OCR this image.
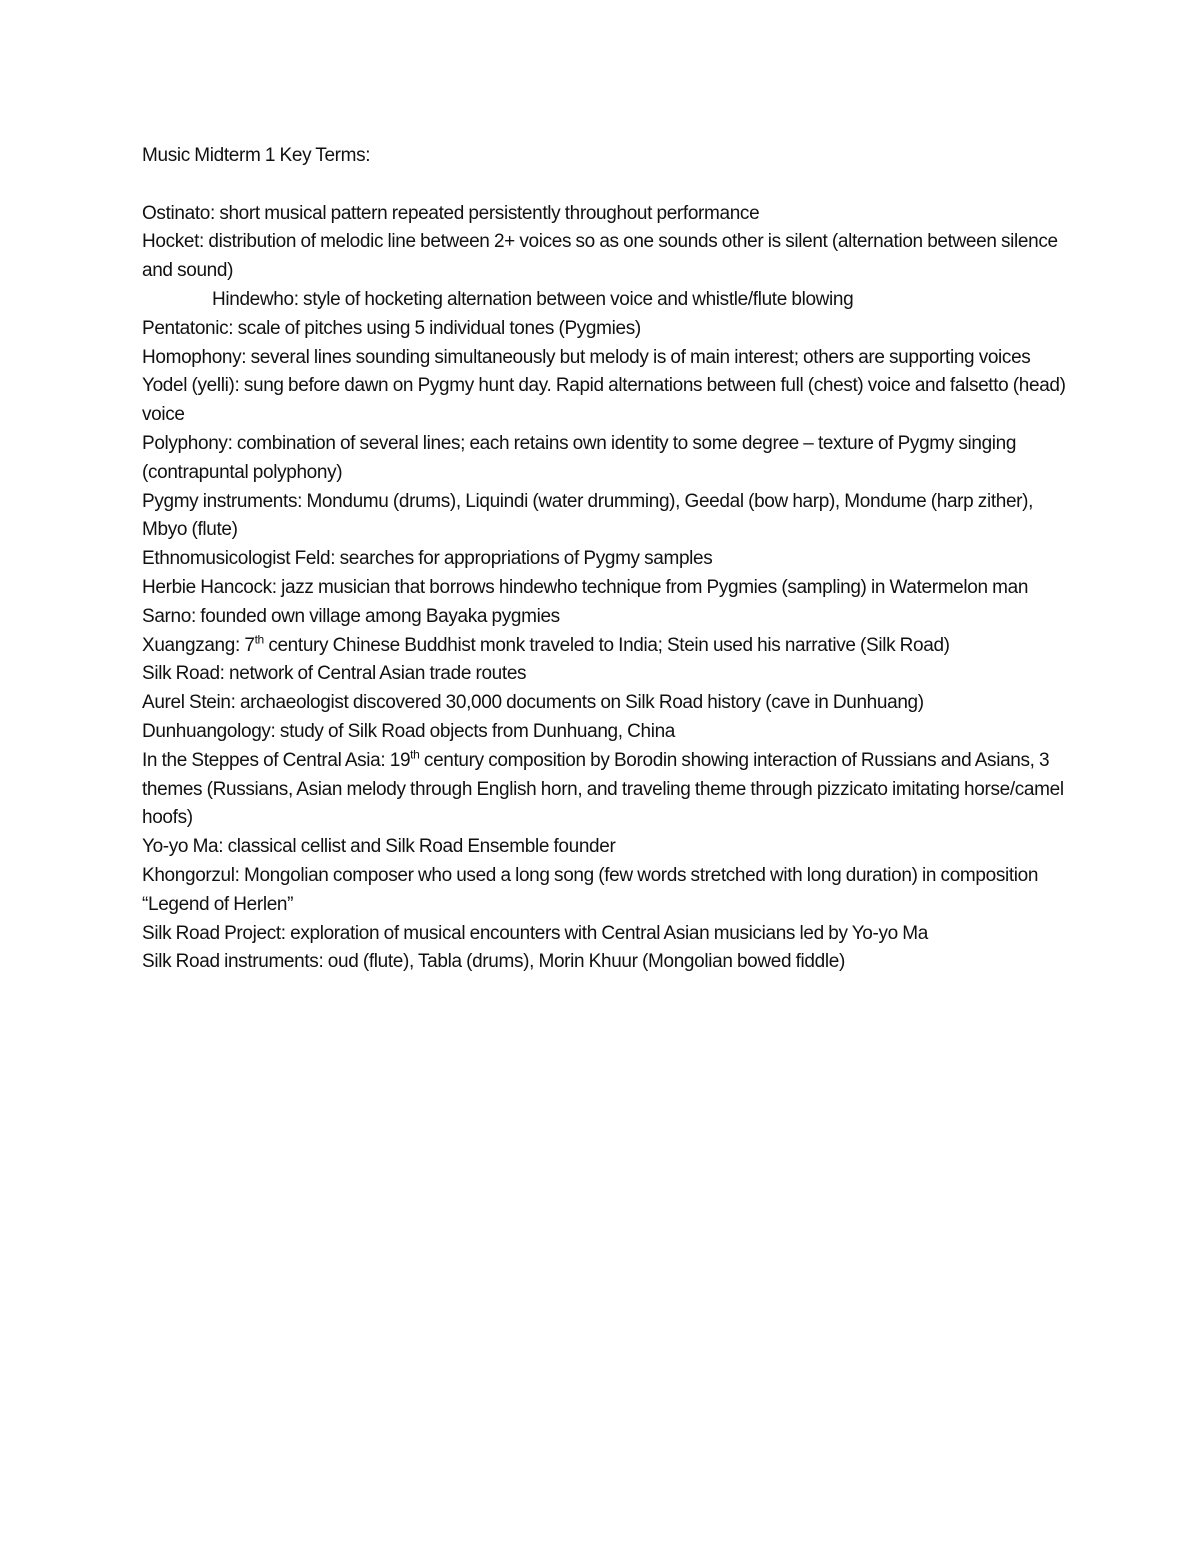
Music Midterm 1 Key Terms:

Ostinato: short musical pattern repeated persistently throughout performance

Hocket: distribution of melodic line between 2+ voices so as one sounds other is silent (alternation between silence and sound)

Hindewho: style of hocketing alternation between voice and whistle/flute blowing

Pentatonic: scale of pitches using 5 individual tones (Pygmies)

Homophony: several lines sounding simultaneously but melody is of main interest; others are supporting voices

Yodel (yelli): sung before dawn on Pygmy hunt day. Rapid alternations between full (chest) voice and falsetto (head) voice

Polyphony: combination of several lines; each retains own identity to some degree – texture of Pygmy singing (contrapuntal polyphony)

Pygmy instruments: Mondumu (drums), Liquindi (water drumming), Geedal (bow harp), Mondume (harp zither), Mbyo (flute)

Ethnomusicologist Feld: searches for appropriations of Pygmy samples

Herbie Hancock: jazz musician that borrows hindewho technique from Pygmies (sampling) in Watermelon man

Sarno: founded own village among Bayaka pygmies

Xuangzang: 7th century Chinese Buddhist monk traveled to India; Stein used his narrative (Silk Road)

Silk Road: network of Central Asian trade routes

Aurel Stein: archaeologist discovered 30,000 documents on Silk Road history (cave in Dunhuang)

Dunhuangology: study of Silk Road objects from Dunhuang, China

In the Steppes of Central Asia: 19th century composition by Borodin showing interaction of Russians and Asians, 3 themes (Russians, Asian melody through English horn, and traveling theme through pizzicato imitating horse/camel hoofs)

Yo-yo Ma: classical cellist and Silk Road Ensemble founder

Khongorzul: Mongolian composer who used a long song (few words stretched with long duration) in composition “Legend of Herlen”

Silk Road Project: exploration of musical encounters with Central Asian musicians led by Yo-yo Ma

Silk Road instruments: oud (flute), Tabla (drums), Morin Khuur (Mongolian bowed fiddle)
